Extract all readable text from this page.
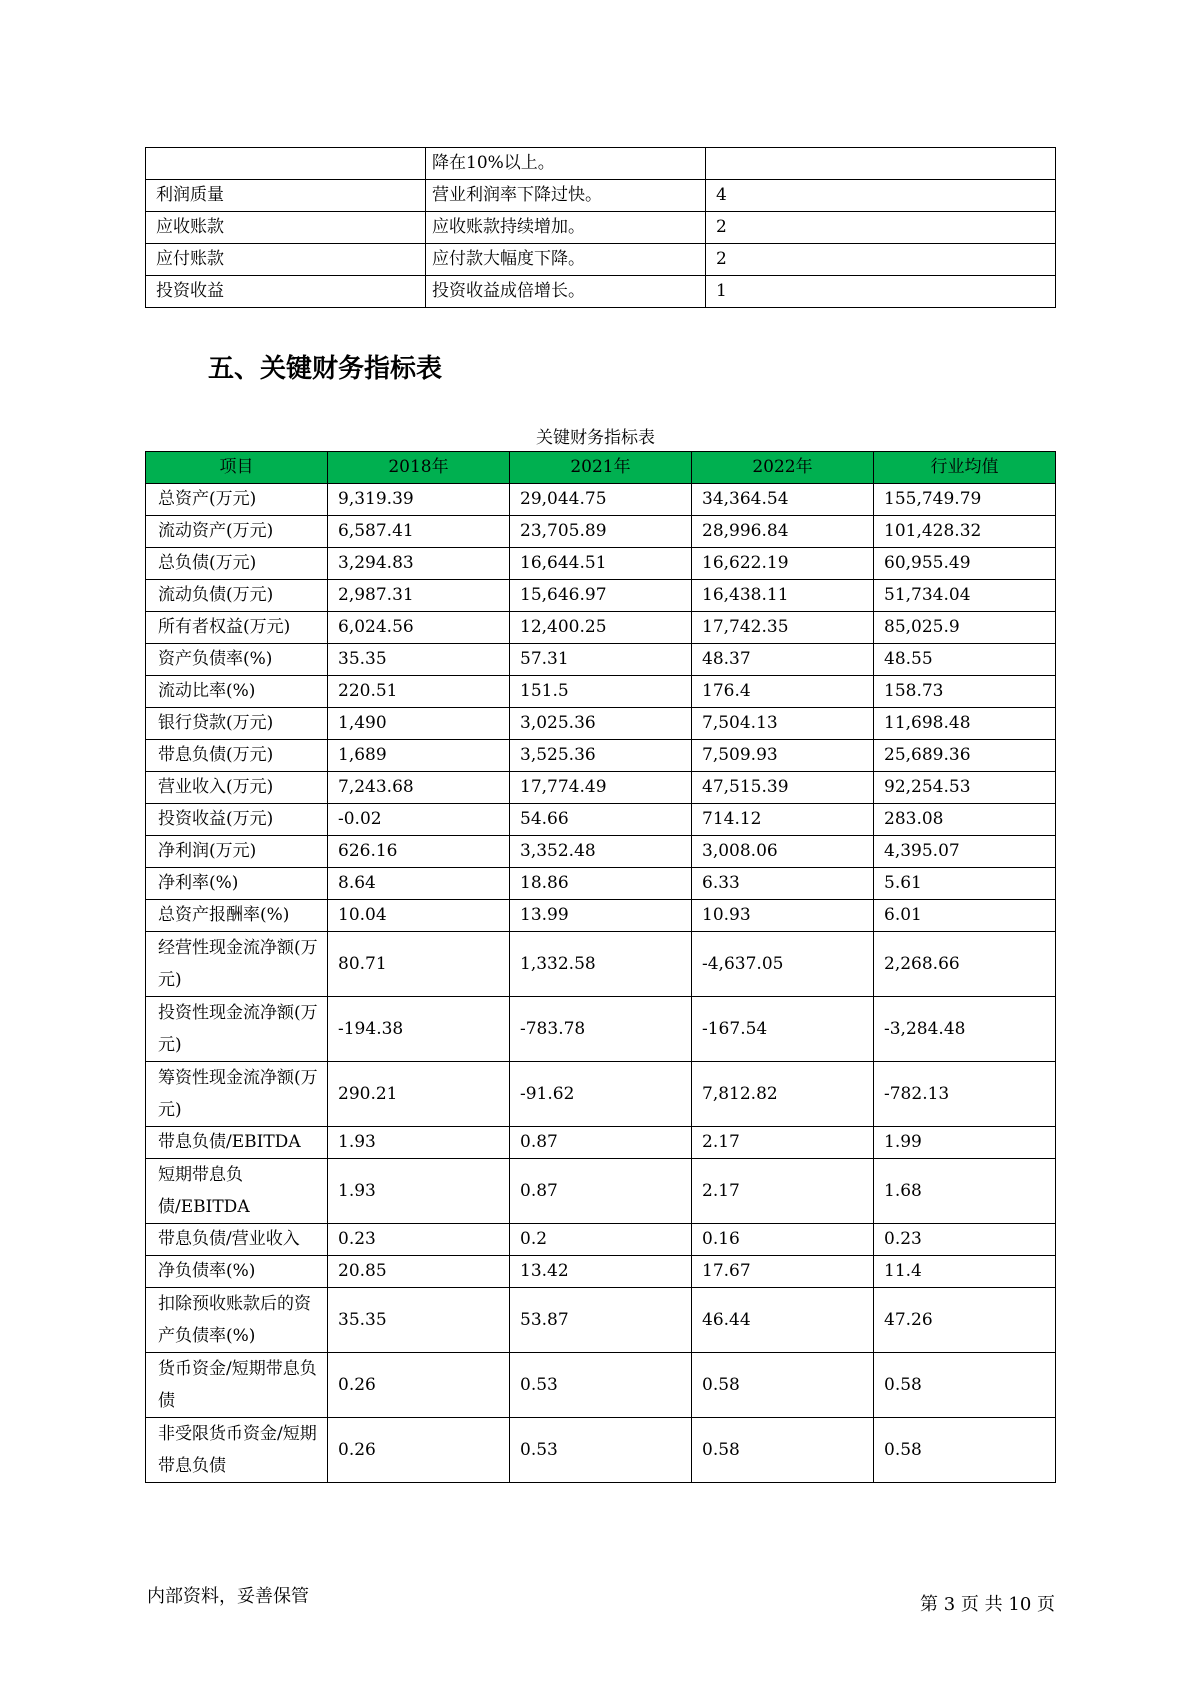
	降在10%以上。	
利润质量	营业利润率下降过快。	4
应收账款	应收账款持续增加。	2
应付账款	应付款大幅度下降。	2
投资收益	投资收益成倍增长。	1
五、关键财务指标表
关键财务指标表
项目	2018年	2021年	2022年	行业均值
总资产(万元)	9,319.39	29,044.75	34,364.54	155,749.79
流动资产(万元)	6,587.41	23,705.89	28,996.84	101,428.32
总负债(万元)	3,294.83	16,644.51	16,622.19	60,955.49
流动负债(万元)	2,987.31	15,646.97	16,438.11	51,734.04
所有者权益(万元)	6,024.56	12,400.25	17,742.35	85,025.9
资产负债率(%)	35.35	57.31	48.37	48.55
流动比率(%)	220.51	151.5	176.4	158.73
银行贷款(万元)	1,490	3,025.36	7,504.13	11,698.48
带息负债(万元)	1,689	3,525.36	7,509.93	25,689.36
营业收入(万元)	7,243.68	17,774.49	47,515.39	92,254.53
投资收益(万元)	-0.02	54.66	714.12	283.08
净利润(万元)	626.16	3,352.48	3,008.06	4,395.07
净利率(%)	8.64	18.86	6.33	5.61
总资产报酬率(%)	10.04	13.99	10.93	6.01
经营性现金流净额(万元)	80.71	1,332.58	-4,637.05	2,268.66
投资性现金流净额(万元)	-194.38	-783.78	-167.54	-3,284.48
筹资性现金流净额(万元)	290.21	-91.62	7,812.82	-782.13
带息负债/EBITDA	1.93	0.87	2.17	1.99
短期带息负债/EBITDA	1.93	0.87	2.17	1.68
带息负债/营业收入	0.23	0.2	0.16	0.23
净负债率(%)	20.85	13.42	17.67	11.4
扣除预收账款后的资产负债率(%)	35.35	53.87	46.44	47.26
货币资金/短期带息负债	0.26	0.53	0.58	0.58
非受限货币资金/短期带息负债	0.26	0.53	0.58	0.58
内部资料，妥善保管	第 3 页 共 10 页
